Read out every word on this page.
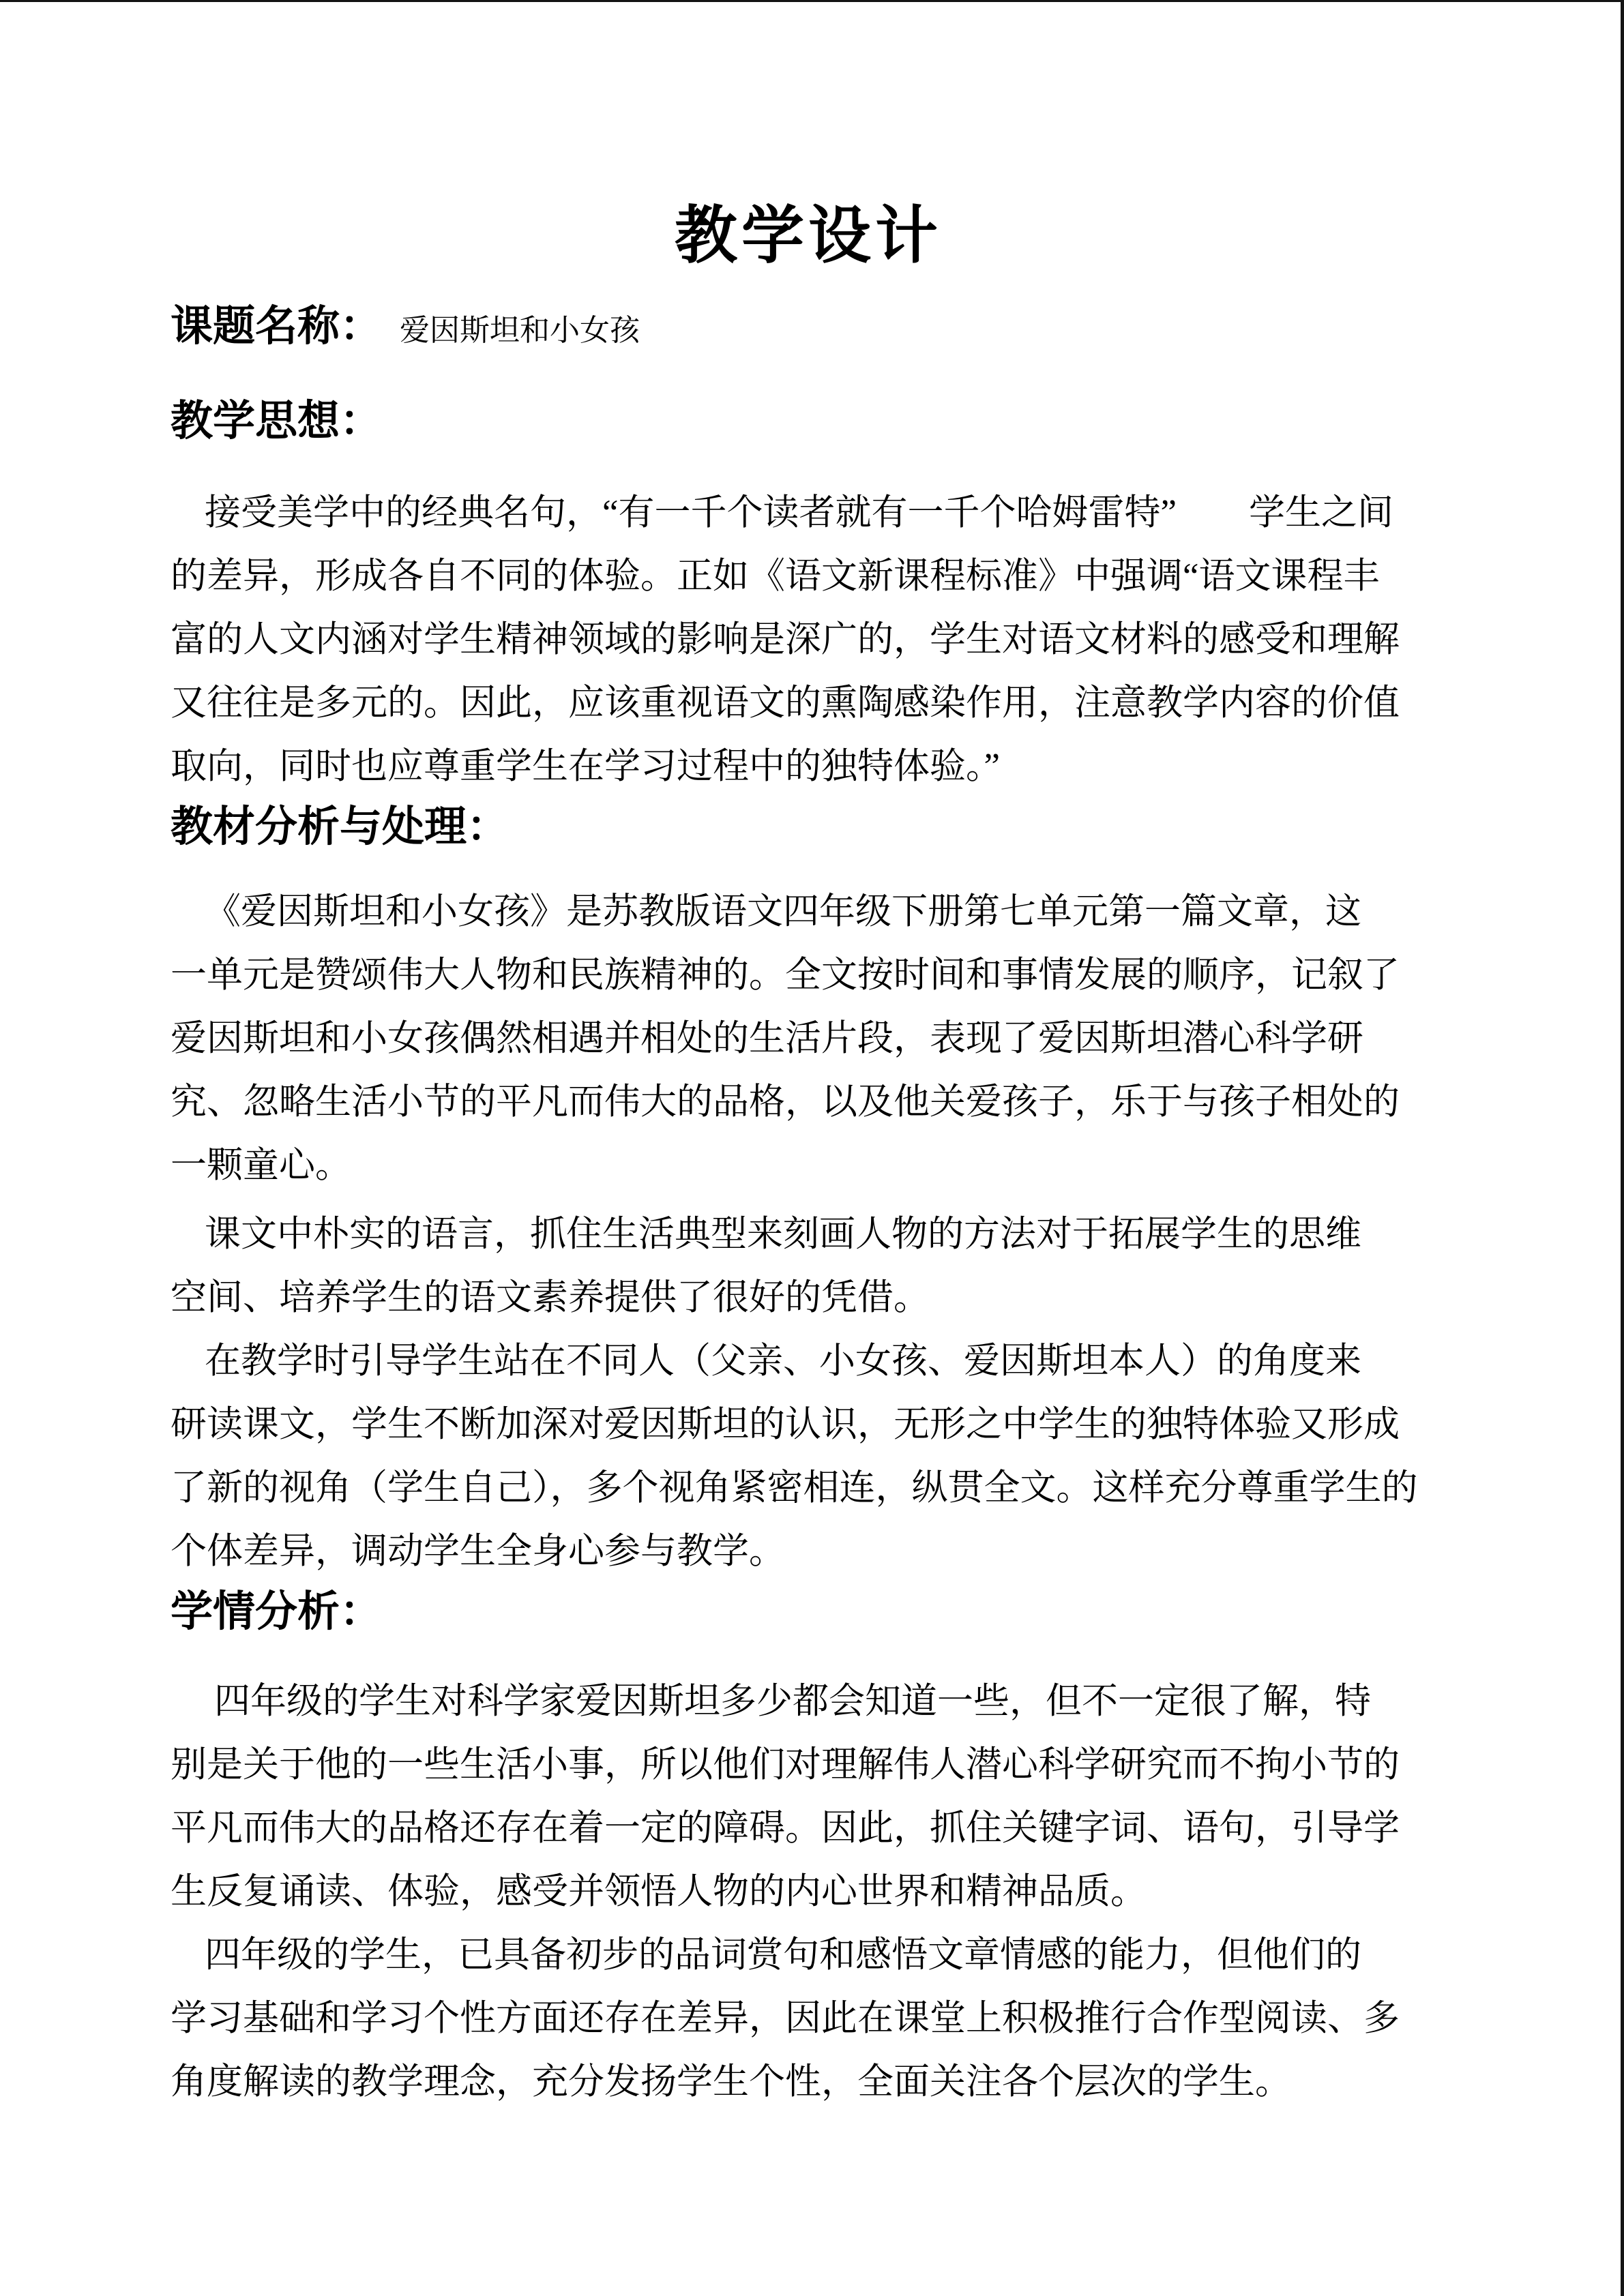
教学设计
课题名称： 爱因斯坦和小女孩
教学思想：
接受美学中的经典名句，“有一千个读者就有一千个哈姆雷特”　　学生之间
的差异，形成各自不同的体验。正如《语文新课程标准》中强调“语文课程丰
富的人文内涵对学生精神领域的影响是深广的，学生对语文材料的感受和理解
又往往是多元的。因此，应该重视语文的熏陶感染作用，注意教学内容的价值
取向，同时也应尊重学生在学习过程中的独特体验。”
教材分析与处理：
《爱因斯坦和小女孩》是苏教版语文四年级下册第七单元第一篇文章，这
一单元是赞颂伟大人物和民族精神的。全文按时间和事情发展的顺序，记叙了
爱因斯坦和小女孩偶然相遇并相处的生活片段，表现了爱因斯坦潜心科学研
究、忽略生活小节的平凡而伟大的品格，以及他关爱孩子，乐于与孩子相处的
一颗童心。
课文中朴实的语言，抓住生活典型来刻画人物的方法对于拓展学生的思维
空间、培养学生的语文素养提供了很好的凭借。
在教学时引导学生站在不同人（父亲、小女孩、爱因斯坦本人）的角度来
研读课文，学生不断加深对爱因斯坦的认识，无形之中学生的独特体验又形成
了新的视角（学生自己），多个视角紧密相连，纵贯全文。这样充分尊重学生的
个体差异，调动学生全身心参与教学。
学情分析：
四年级的学生对科学家爱因斯坦多少都会知道一些，但不一定很了解，特
别是关于他的一些生活小事，所以他们对理解伟人潜心科学研究而不拘小节的
平凡而伟大的品格还存在着一定的障碍。因此，抓住关键字词、语句，引导学
生反复诵读、体验，感受并领悟人物的内心世界和精神品质。
四年级的学生，已具备初步的品词赏句和感悟文章情感的能力，但他们的
学习基础和学习个性方面还存在差异，因此在课堂上积极推行合作型阅读、多
角度解读的教学理念，充分发扬学生个性，全面关注各个层次的学生。
